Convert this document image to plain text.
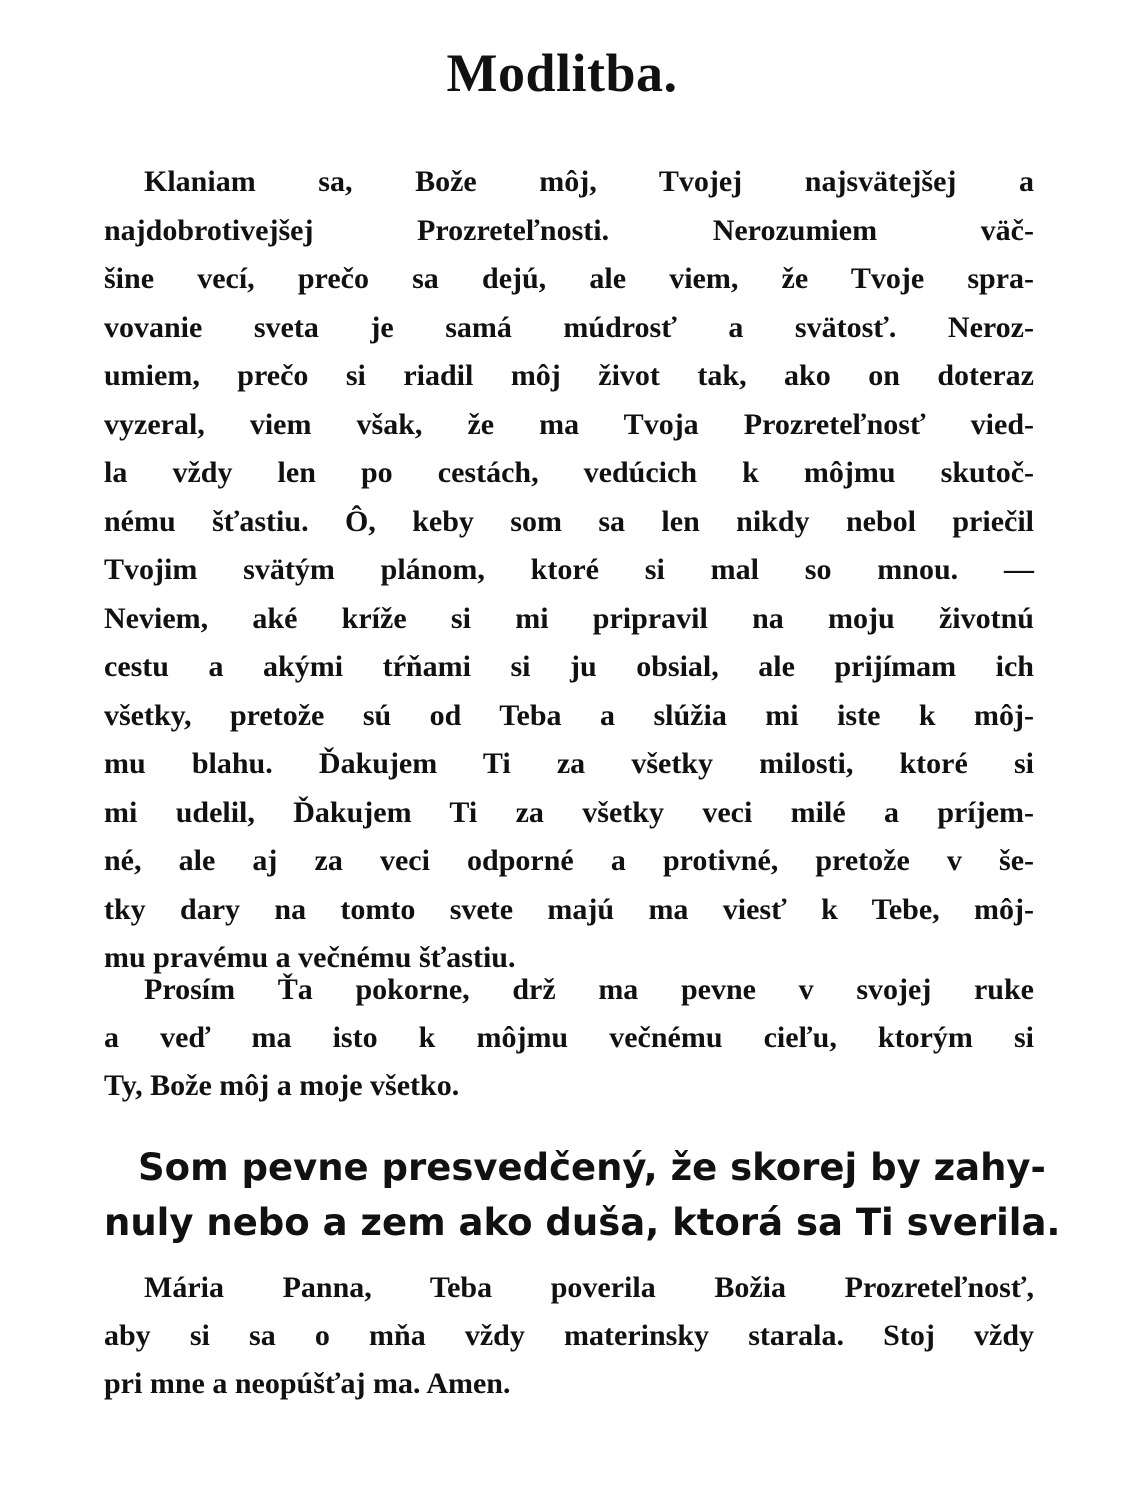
Modlitba.
Klaniam sa, Bože môj, Tvojej najsvätejšej a
najdobrotivejšej Prozreteľnosti. Nerozumiem väč-
šine vecí, prečo sa dejú, ale viem, že Tvoje spra-
vovanie sveta je samá múdrosť a svätosť. Neroz-
umiem, prečo si riadil môj život tak, ako on doteraz
vyzeral, viem však, že ma Tvoja Prozreteľnosť vied-
la vždy len po cestách, vedúcich k môjmu skutoč-
nému šťastiu. Ô, keby som sa len nikdy nebol priečil
Tvojim svätým plánom, ktoré si mal so mnou. —
Neviem, aké kríže si mi pripravil na moju životnú
cestu a akými tŕňami si ju obsial, ale prijímam ich
všetky, pretože sú od Teba a slúžia mi iste k môj-
mu blahu. Ďakujem Ti za všetky milosti, ktoré si
mi udelil, Ďakujem Ti za všetky veci milé a príjem-
né, ale aj za veci odporné a protivné, pretože v še-
tky dary na tomto svete majú ma viesť k Tebe, môj-
mu pravému a večnému šťastiu.
Prosím Ťa pokorne, drž ma pevne v svojej ruke
a veď ma isto k môjmu večnému cieľu, ktorým si
Ty, Bože môj a moje všetko.
Som pevne presvedčený, že skorej by zahy-
nuly nebo a zem ako duša, ktorá sa Ti sverila.
Mária Panna, Teba poverila Božia Prozreteľnosť,
aby si sa o mňa vždy materinsky starala. Stoj vždy
pri mne a neopúšťaj ma. Amen.
